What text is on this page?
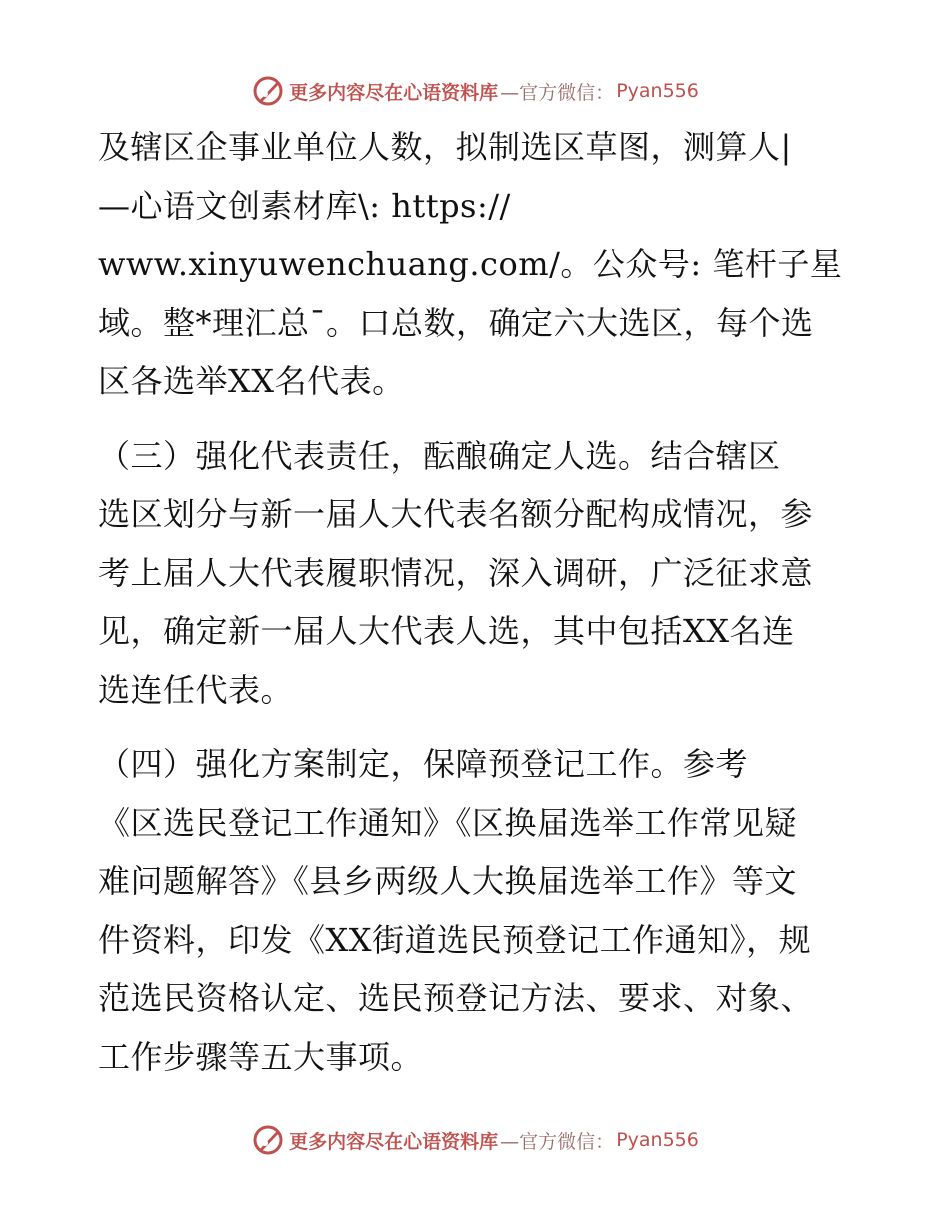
更多内容尽在心语资料库 —官方微信： Pyan556
及辖区企事业单位人数，拟制选区草图，测算人|
—心语文创素材库\: https://
www.xinyuwenchuang.com/。公众号: 笔杆子星
域。整*理汇总¯。口总数，确定六大选区，每个选
区各选举XX名代表。
（三）强化代表责任，酝酿确定人选。结合辖区
选区划分与新一届人大代表名额分配构成情况，参
考上届人大代表履职情况，深入调研，广泛征求意
见，确定新一届人大代表人选，其中包括XX名连
选连任代表。
（四）强化方案制定，保障预登记工作。参考
《区选民登记工作通知》《区换届选举工作常见疑
难问题解答》《县乡两级人大换届选举工作》等文
件资料，印发《XX街道选民预登记工作通知》，规
范选民资格认定、选民预登记方法、要求、对象、
工作步骤等五大事项。
更多内容尽在心语资料库 —官方微信： Pyan556
